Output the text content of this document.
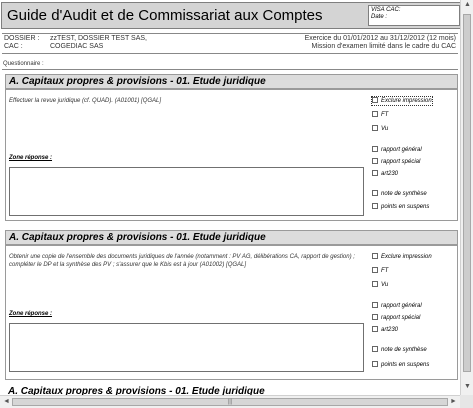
Guide d'Audit et de Commissariat aux Comptes	VISA CAC:
Date :
DOSSIER : zzTEST, DOSSIER TEST SAS,	Exercice du 01/01/2012 au 31/12/2012 (12 mois)
CAC :	COGEDIAC SAS	Mission d'examen limité dans le cadre du CAC
Questionnaire :
A. Capitaux propres & provisions - 01. Etude juridique
Effectuer la revue juridique (cf. QUAD). (A01001) [QGAL]
Zone réponse :
Exclure impression
FT
Vu
rapport général
rapport spécial
art230
note de synthèse
points en suspens
A. Capitaux propres & provisions - 01. Etude juridique
Obtenir une copie de l'ensemble des documents juridiques de l'année (notamment : PV AG, délibérations CA, rapport de gestion) ; compléter le DP et la synthèse des PV ; s'assurer que le Kbis est à jour (A01002) [QGAL]
Zone réponse :
Exclure impression
FT
Vu
rapport général
rapport spécial
art230
note de synthèse
points en suspens
A. Capitaux propres & provisions - 01. Etude juridique
▲
▼
◄	|||	►
